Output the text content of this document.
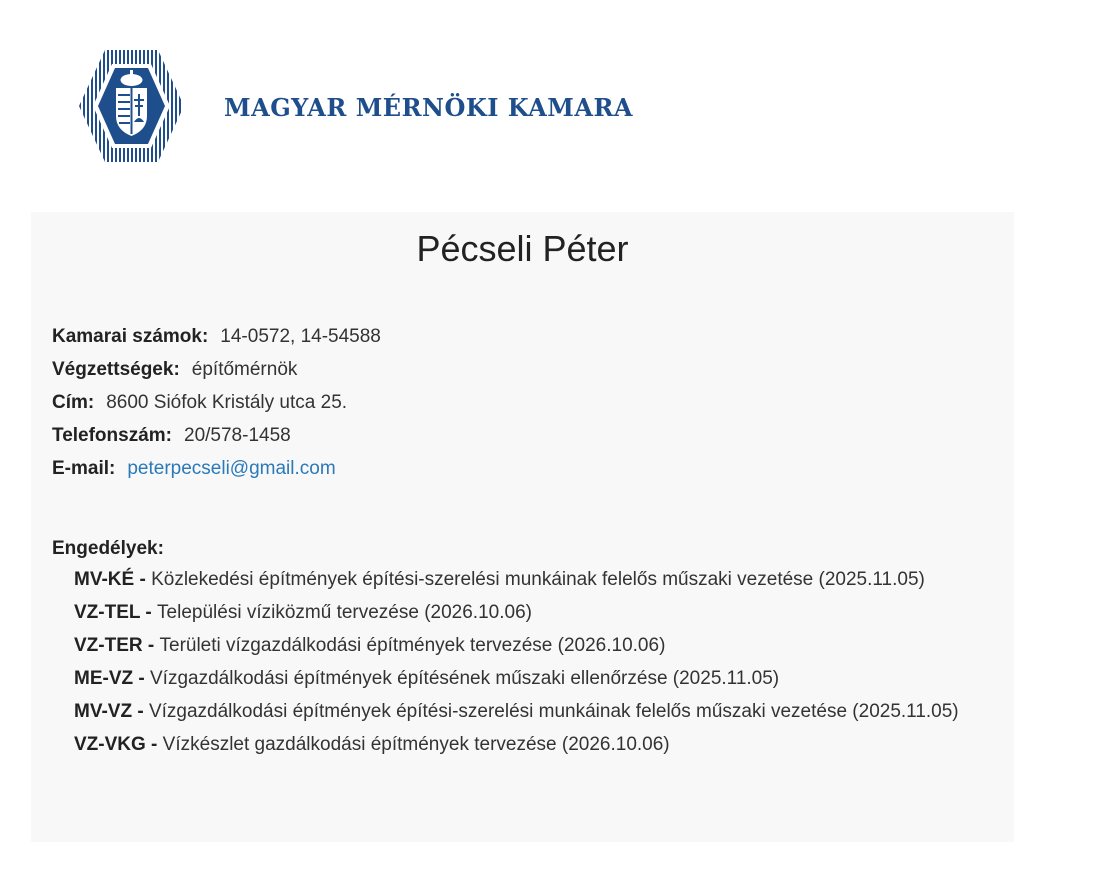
MAGYAR MÉRNÖKI KAMARA
Pécseli Péter
Kamarai számok: 14-0572, 14-54588
Végzettségek: építőmérnök
Cím: 8600 Siófok Kristály utca 25.
Telefonszám: 20/578-1458
E-mail: peterpecseli@gmail.com
Engedélyek:
MV-KÉ - Közlekedési építmények építési-szerelési munkáinak felelős műszaki vezetése (2025.11.05)
VZ-TEL - Települési víziközmű tervezése (2026.10.06)
VZ-TER - Területi vízgazdálkodási építmények tervezése (2026.10.06)
ME-VZ - Vízgazdálkodási építmények építésének műszaki ellenőrzése (2025.11.05)
MV-VZ - Vízgazdálkodási építmények építési-szerelési munkáinak felelős műszaki vezetése (2025.11.05)
VZ-VKG - Vízkészlet gazdálkodási építmények tervezése (2026.10.06)
